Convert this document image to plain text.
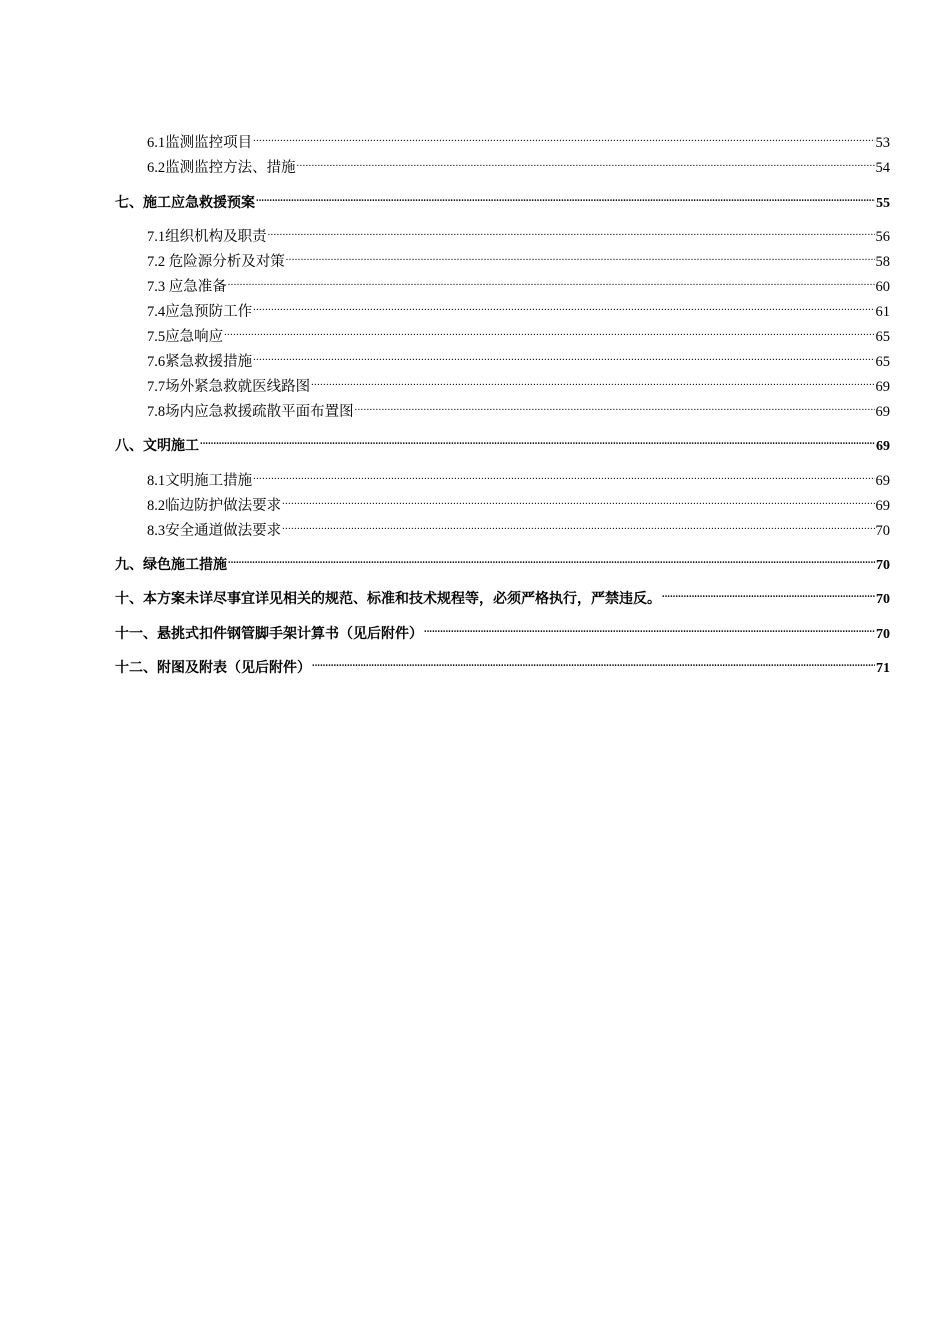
6.1监测监控项目 .....	53
6.2监测监控方法、措施 .....	54
七、施工应急救援预案 .....	55
7.1组织机构及职责 .....	56
7.2 危险源分析及对策 .....	58
7.3 应急准备 .....	60
7.4应急预防工作 .....	61
7.5应急响应 .....	65
7.6紧急救援措施 .....	65
7.7场外紧急救就医线路图 .....	69
7.8场内应急救援疏散平面布置图 .....	69
八、文明施工 .....	69
8.1文明施工措施 .....	69
8.2临边防护做法要求 .....	69
8.3安全通道做法要求 .....	70
九、绿色施工措施 .....	70
十、本方案未详尽事宜详见相关的规范、标准和技术规程等，必须严格执行，严禁违反。 .....	70
十一、悬挑式扣件钢管脚手架计算书（见后附件） .....	70
十二、附图及附表（见后附件） .....	71
